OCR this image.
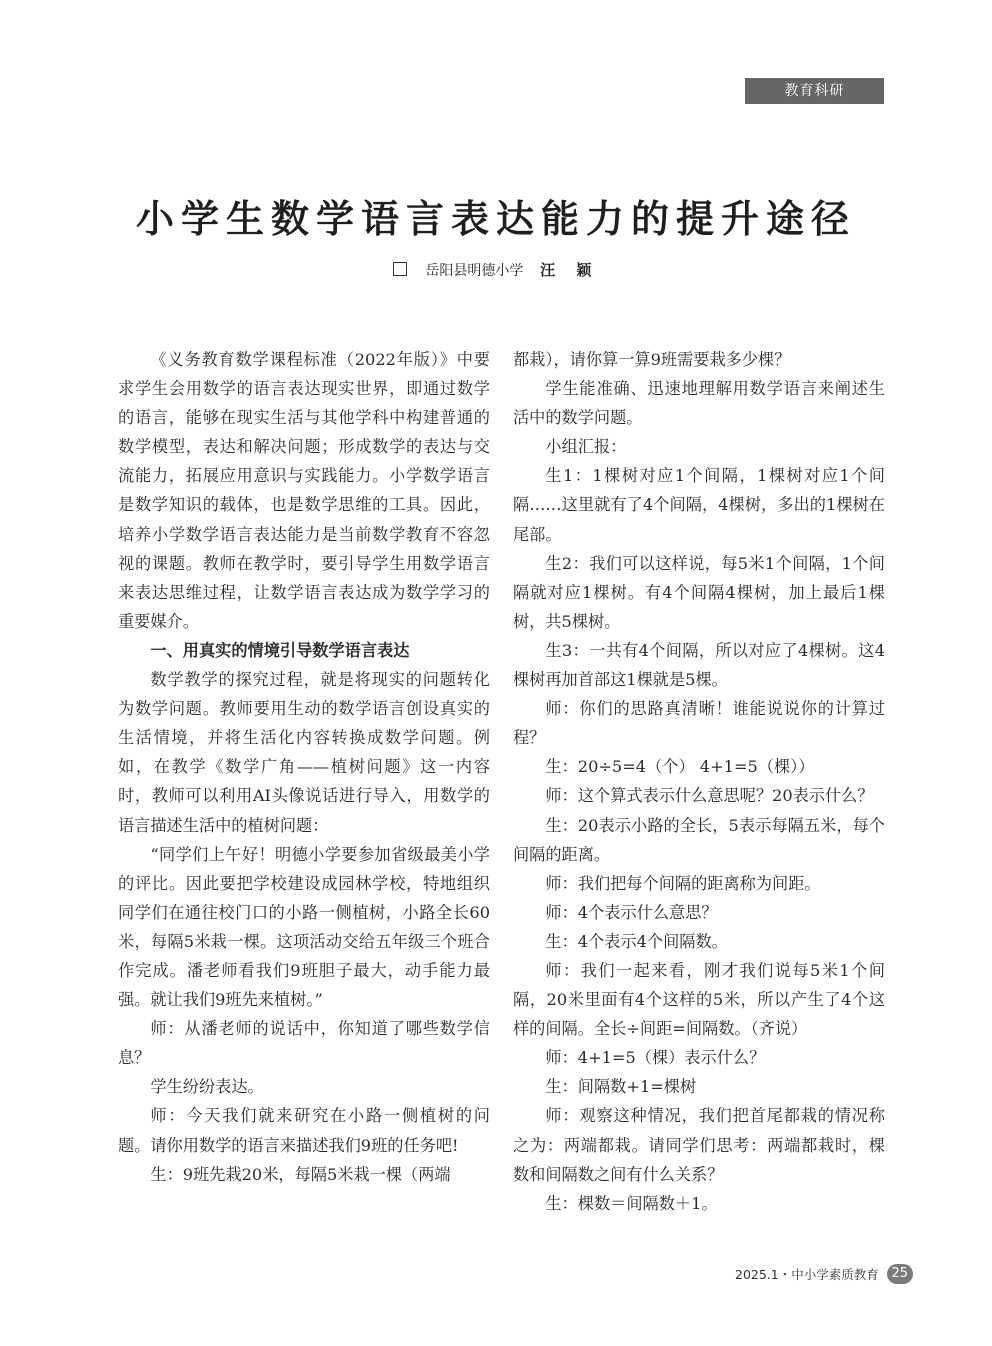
教育科研
小学生数学语言表达能力的提升途径
岳阳县明德小学 汪 颖

《义务教育数学课程标准（2022年版）》中要求学生会用数学的语言表达现实世界，即通过数学的语言，能够在现实生活与其他学科中构建普通的数学模型，表达和解决问题；形成数学的表达与交流能力，拓展应用意识与实践能力。小学数学语言是数学知识的载体，也是数学思维的工具。因此，培养小学数学语言表达能力是当前数学教育不容忽视的课题。教师在教学时，要引导学生用数学语言来表达思维过程，让数学语言表达成为数学学习的重要媒介。

一、用真实的情境引导数学语言表达

数学教学的探究过程，就是将现实的问题转化为数学问题。教师要用生动的数学语言创设真实的生活情境，并将生活化内容转换成数学问题。例如，在教学《数学广角——植树问题》这一内容时，教师可以利用AI头像说话进行导入，用数学的语言描述生活中的植树问题：

“同学们上午好！明德小学要参加省级最美小学的评比。因此要把学校建设成园林学校，特地组织同学们在通往校门口的小路一侧植树，小路全长60米，每隔5米栽一棵。这项活动交给五年级三个班合作完成。潘老师看我们9班胆子最大，动手能力最强。就让我们9班先来植树。”

师：从潘老师的说话中，你知道了哪些数学信息？

学生纷纷表达。

师：今天我们就来研究在小路一侧植树的问题。请你用数学的语言来描述我们9班的任务吧!

生：9班先栽20米，每隔5米栽一棵（两端

都栽），请你算一算9班需要栽多少棵？

学生能准确、迅速地理解用数学语言来阐述生活中的数学问题。

小组汇报：

生1：1棵树对应1个间隔，1棵树对应1个间隔……这里就有了4个间隔，4棵树，多出的1棵树在尾部。

生2：我们可以这样说，每5米1个间隔，1个间隔就对应1棵树。有4个间隔4棵树，加上最后1棵树，共5棵树。

生3：一共有4个间隔，所以对应了4棵树。这4棵树再加首部这1棵就是5棵。

师：你们的思路真清晰！谁能说说你的计算过程？

生：20÷5=4（个） 4+1=5（棵））

师：这个算式表示什么意思呢？20表示什么？

生：20表示小路的全长，5表示每隔五米，每个间隔的距离。

师：我们把每个间隔的距离称为间距。

师：4个表示什么意思？

生：4个表示4个间隔数。

师：我们一起来看，刚才我们说每5米1个间隔，20米里面有4个这样的5米，所以产生了4个这样的间隔。全长÷间距=间隔数。（齐说）

师：4+1=5（棵）表示什么？

生：间隔数+1=棵树

师：观察这种情况，我们把首尾都栽的情况称之为：两端都栽。请同学们思考：两端都栽时，棵数和间隔数之间有什么关系？

生：棵数＝间隔数＋1。

2025.1・中小学素质教育 25
